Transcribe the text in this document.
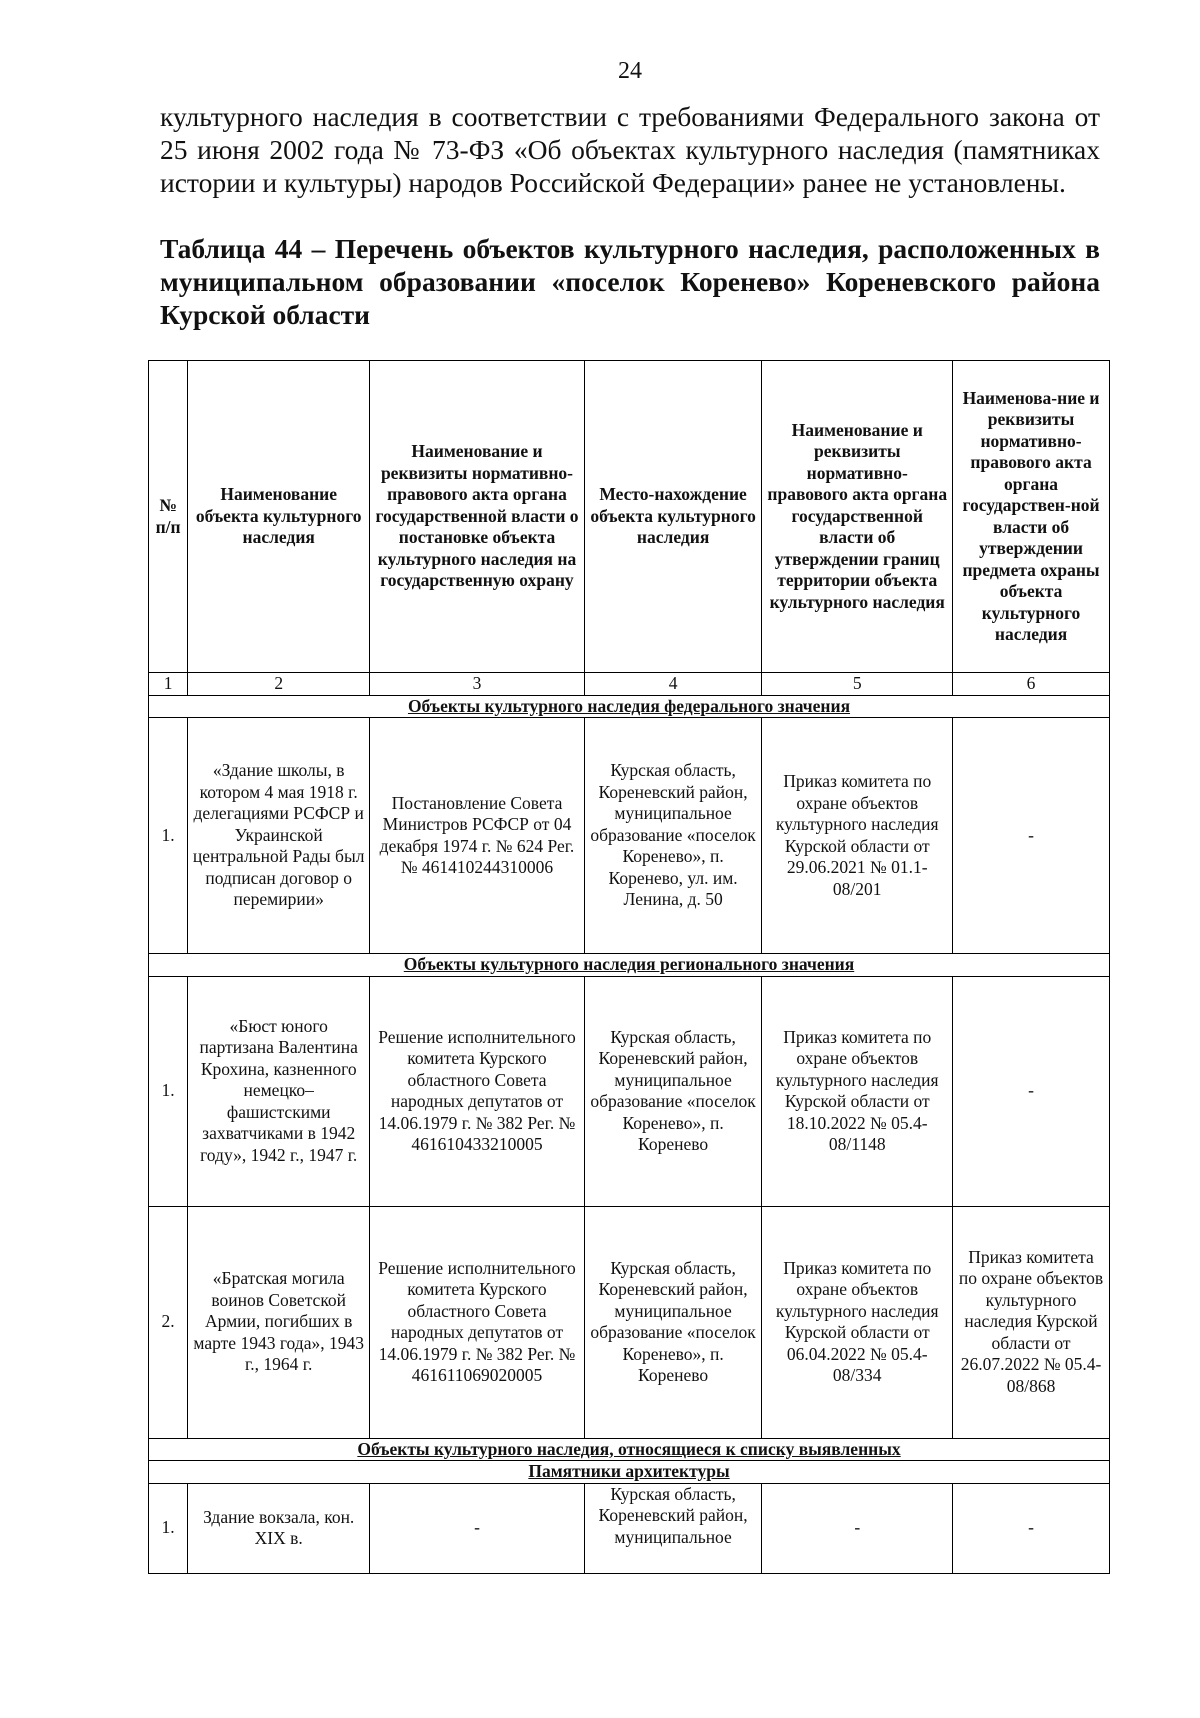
24
культурного наследия в соответствии с требованиями Федерального закона от 25 июня 2002 года № 73-ФЗ «Об объектах культурного наследия (памятниках истории и культуры) народов Российской Федерации» ранее не установлены.
Таблица 44 – Перечень объектов культурного наследия, расположенных в муниципальном образовании «поселок Коренево» Кореневского района Курской области
№ п/п	Наименование объекта культурного наследия	Наименование и реквизиты нормативно-правового акта органа государственной власти о постановке объекта культурного наследия на государственную охрану	Место-нахождение объекта культурного наследия	Наименование и реквизиты нормативно-правового акта органа государственной власти об утверждении границ территории объекта культурного наследия	Наименова-ние и реквизиты нормативно-правового акта органа государствен-ной власти об утверждении предмета охраны объекта культурного наследия
1	2	3	4	5	6
Объекты культурного наследия федерального значения					
1.	«Здание школы, в котором 4 мая 1918 г. делегациями РСФСР и Украинской центральной Рады был подписан договор о перемирии»	Постановление Совета Министров РСФСР от 04 декабря 1974 г. № 624 Рег. № 461410244310006	Курская область, Кореневский район, муниципальное образование «поселок Коренево», п. Коренево, ул. им. Ленина, д. 50	Приказ комитета по охране объектов культурного наследия Курской области от 29.06.2021 № 01.1-08/201	-
Объекты культурного наследия регионального значения					
1.	«Бюст юного партизана Валентина Крохина, казненного немецко–фашистскими захватчиками в 1942 году», 1942 г., 1947 г.	Решение исполнительного комитета Курского областного Совета народных депутатов от 14.06.1979 г. № 382 Рег. № 461610433210005	Курская область, Кореневский район, муниципальное образование «поселок Коренево», п. Коренево	Приказ комитета по охране объектов культурного наследия Курской области от 18.10.2022 № 05.4-08/1148	-
2.	«Братская могила воинов Советской Армии, погибших в марте 1943 года», 1943 г., 1964 г.	Решение исполнительного комитета Курского областного Совета народных депутатов от 14.06.1979 г. № 382 Рег. № 461611069020005	Курская область, Кореневский район, муниципальное образование «поселок Коренево», п. Коренево	Приказ комитета по охране объектов культурного наследия Курской области от 06.04.2022 № 05.4-08/334	Приказ комитета по охране объектов культурного наследия Курской области от 26.07.2022 № 05.4-08/868
Объекты культурного наследия, относящиеся к списку выявленных					
Памятники архитектуры					
1.	Здание вокзала, кон. XIX в.	-	Курская область, Кореневский район, муниципальное	-	-
